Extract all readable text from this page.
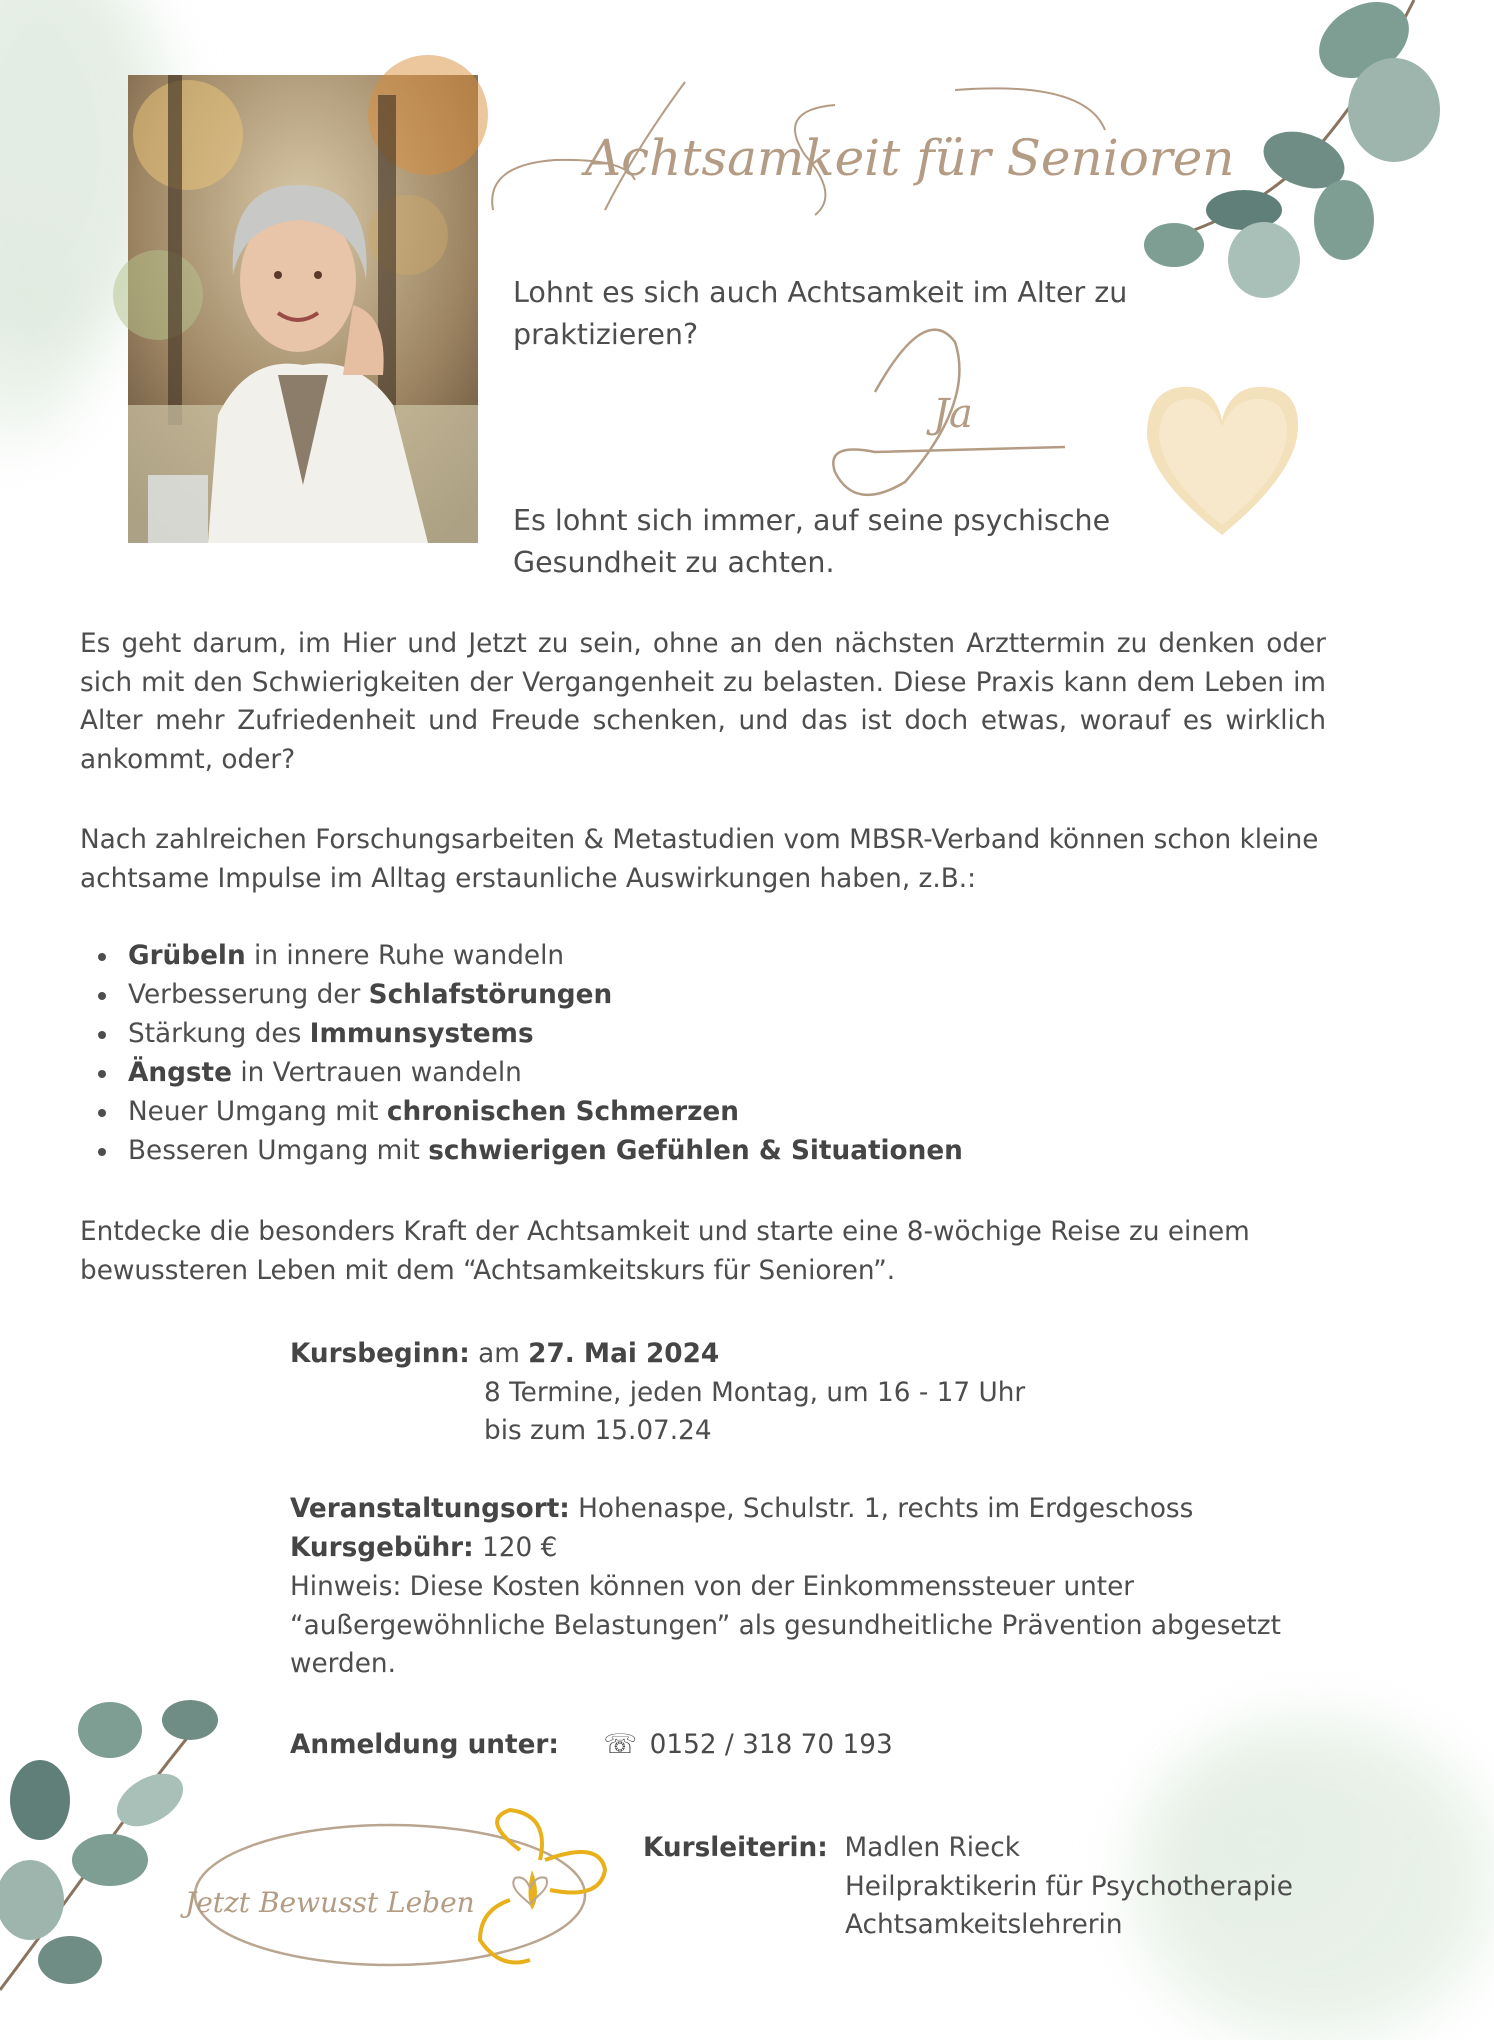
Achtsamkeit für Senioren
Lohnt es sich auch Achtsamkeit im Alter zu praktizieren?
Ja
Es lohnt sich immer, auf seine psychische Gesundheit zu achten.
Es geht darum, im Hier und Jetzt zu sein, ohne an den nächsten Arzttermin zu denken oder sich mit den Schwierigkeiten der Vergangenheit zu belasten. Diese Praxis kann dem Leben im Alter mehr Zufriedenheit und Freude schenken, und das ist doch etwas, worauf es wirklich ankommt, oder?
Nach zahlreichen Forschungsarbeiten & Metastudien vom MBSR-Verband können schon kleine achtsame Impulse im Alltag erstaunliche Auswirkungen haben, z.B.:
Grübeln in innere Ruhe wandeln
Verbesserung der Schlafstörungen
Stärkung des Immunsystems
Ängste in Vertrauen wandeln
Neuer Umgang mit chronischen Schmerzen
Besseren Umgang mit schwierigen Gefühlen & Situationen
Entdecke die besonders Kraft der Achtsamkeit und starte eine 8-wöchige Reise zu einem bewussteren Leben mit dem “Achtsamkeitskurs für Senioren”.
Kursbeginn: am 27. Mai 2024
8 Termine, jeden Montag, um 16 - 17 Uhr
bis zum 15.07.24
Veranstaltungsort: Hohenaspe, Schulstr. 1, rechts im Erdgeschoss
Kursgebühr: 120 €
Hinweis: Diese Kosten können von der Einkommenssteuer unter “außergewöhnliche Belastungen” als gesundheitliche Prävention abgesetzt werden.
Anmeldung unter: ☏ 0152 / 318 70 193
Jetzt Bewusst Leben
Kursleiterin: Madlen Rieck
Heilpraktikerin für Psychotherapie
Achtsamkeitslehrerin
